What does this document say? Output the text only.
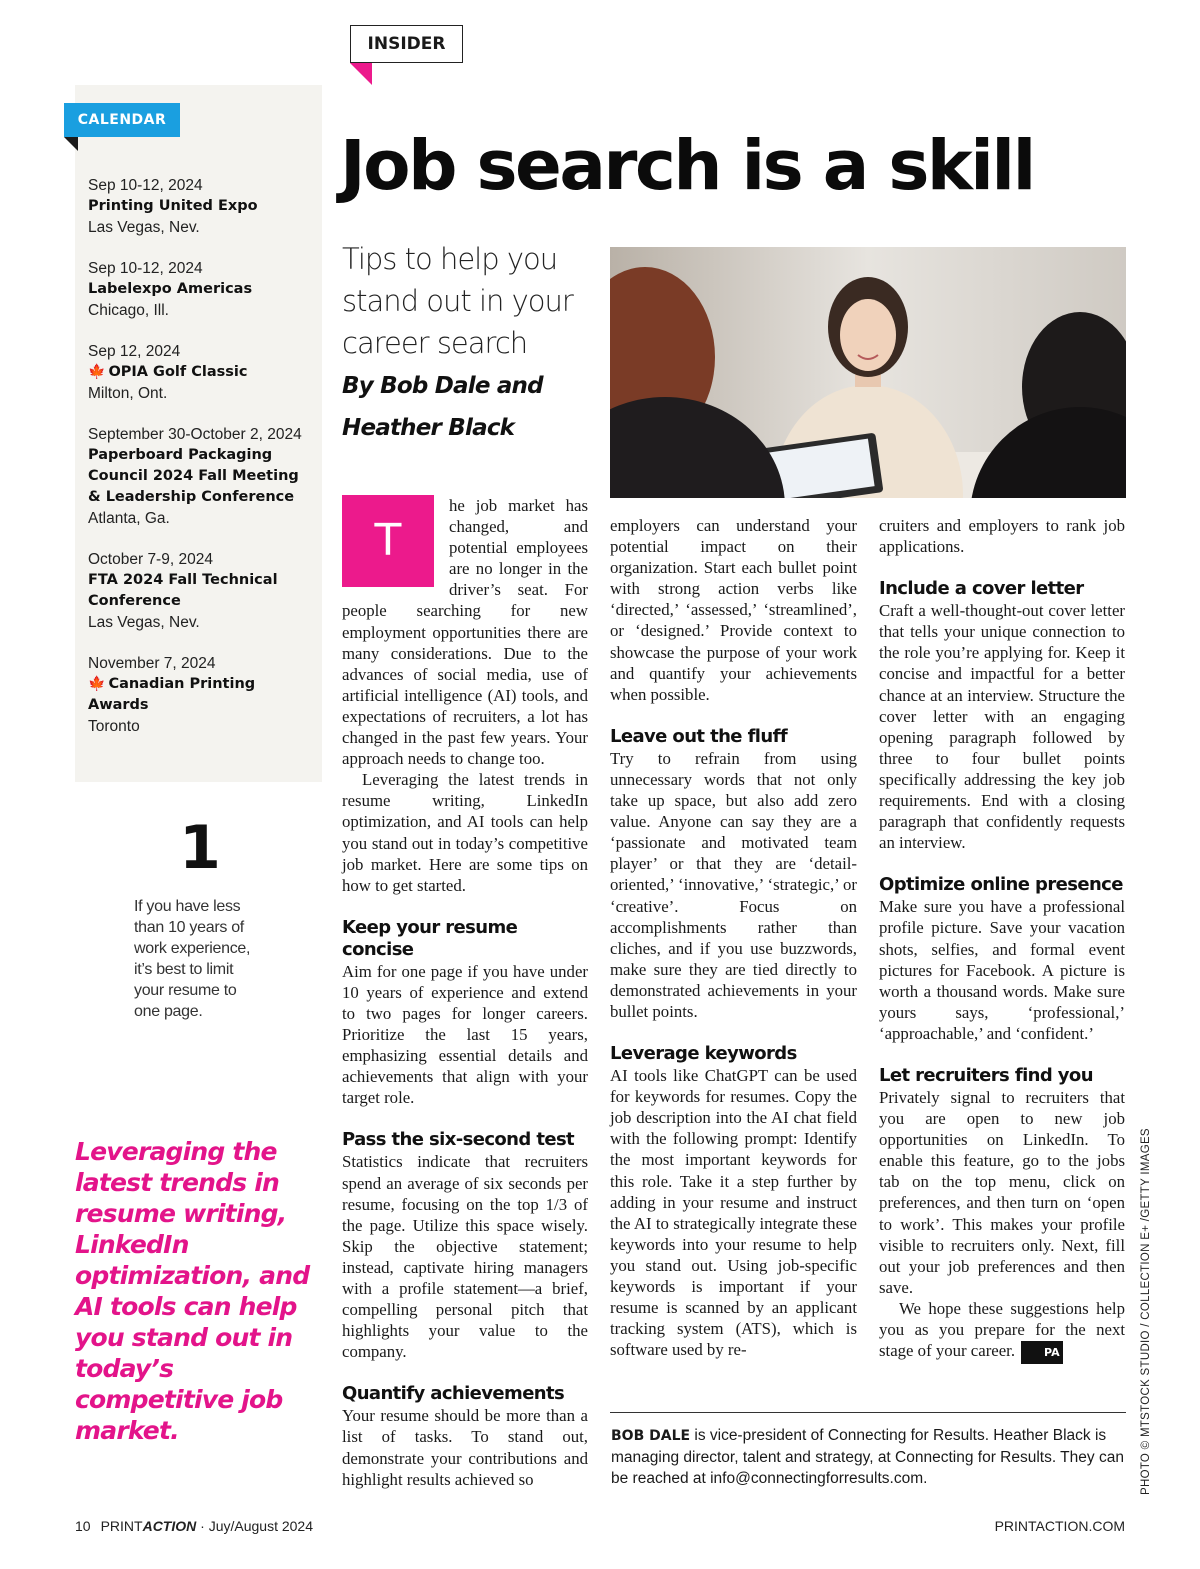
INSIDER
CALENDAR
Sep 10-12, 2024
Printing United Expo
Las Vegas, Nev.
Sep 10-12, 2024
Labelexpo Americas
Chicago, Ill.
Sep 12, 2024
🍁 OPIA Golf Classic
Milton, Ont.
September 30-October 2, 2024
Paperboard Packaging Council 2024 Fall Meeting & Leadership Conference
Atlanta, Ga.
October 7-9, 2024
FTA 2024 Fall Technical Conference
Las Vegas, Nev.
November 7, 2024
🍁 Canadian Printing Awards
Toronto
1
If you have less than 10 years of work experience, it’s best to limit your resume to one page.
Leveraging the latest trends in resume writing, LinkedIn optimization, and AI tools can help you stand out in today’s competitive job market.
Job search is a skill
Tips to help you stand out in your career search
By Bob Dale and Heather Black
T

he job market has changed, and potential employees are no longer in the driver’s seat. For people searching for new employment opportunities there are many considerations. Due to the advances of social media, use of artificial intelligence (AI) tools, and expectations of recruiters, a lot has changed in the past few years. Your approach needs to change too.

Leveraging the latest trends in resume writing, LinkedIn optimization, and AI tools can help you stand out in today’s competitive job market. Here are some tips on how to get started.

Keep your resume concise

Aim for one page if you have under 10 years of experience and extend to two pages for longer careers. Prioritize the last 15 years, emphasizing essential details and achievements that align with your target role.

Pass the six-second test

Statistics indicate that recruiters spend an average of six seconds per resume, focusing on the top 1/3 of the page. Utilize this space wisely. Skip the objective statement; instead, captivate hiring managers with a profile statement—a brief, compelling personal pitch that highlights your value to the company.

Quantify achievements

Your resume should be more than a list of tasks. To stand out, demonstrate your contributions and highlight results achieved so

employers can understand your potential impact on their organization. Start each bullet point with strong action verbs like ‘directed,’ ‘assessed,’ ‘streamlined’, or ‘designed.’ Provide context to showcase the purpose of your work and quantify your achievements when possible.

Leave out the fluff

Try to refrain from using unnecessary words that not only take up space, but also add zero value. Anyone can say they are a ‘passionate and motivated team player’ or that they are ‘detail-oriented,’ ‘innovative,’ ‘strategic,’ or ‘creative’. Focus on accomplishments rather than cliches, and if you use buzzwords, make sure they are tied directly to demonstrated achievements in your bullet points.

Leverage keywords

AI tools like ChatGPT can be used for keywords for resumes. Copy the job description into the AI chat field with the following prompt: Identify the most important keywords for this role. Take it a step further by adding in your resume and instruct the AI to strategically integrate these keywords into your resume to help you stand out. Using job-specific keywords is important if your resume is scanned by an applicant tracking system (ATS), which is software used by re-

cruiters and employers to rank job applications.

Include a cover letter

Craft a well-thought-out cover letter that tells your unique connection to the role you’re applying for. Keep it concise and impactful for a better chance at an interview. Structure the cover letter with an engaging opening paragraph followed by three to four bullet points specifically addressing the key job requirements. End with a closing paragraph that confidently requests an interview.

Optimize online presence

Make sure you have a professional profile picture. Save your vacation shots, selfies, and formal event pictures for Facebook. A picture is worth a thousand words. Make sure yours says, ‘professional,’ ‘approachable,’ and ‘confident.’

Let recruiters find you

Privately signal to recruiters that you are open to new job opportunities on LinkedIn. To enable this feature, go to the jobs tab on the top menu, click on preferences, and then turn on ‘open to work’. This makes your profile visible to recruiters only. Next, fill out your job preferences and then save.

We hope these suggestions help you as you prepare for the next stage of your career.	PA

BOB DALE is vice-president of Connecting for Results. Heather Black is managing director, talent and strategy, at Connecting for Results. They can be reached at info@connectingforresults.com.	PHOTO © MTSTOCK STUDIO / COLLECTION E+ /GETTY IMAGES
10 PRINTACTION · Juy/August 2024	PRINTACTION.COM
